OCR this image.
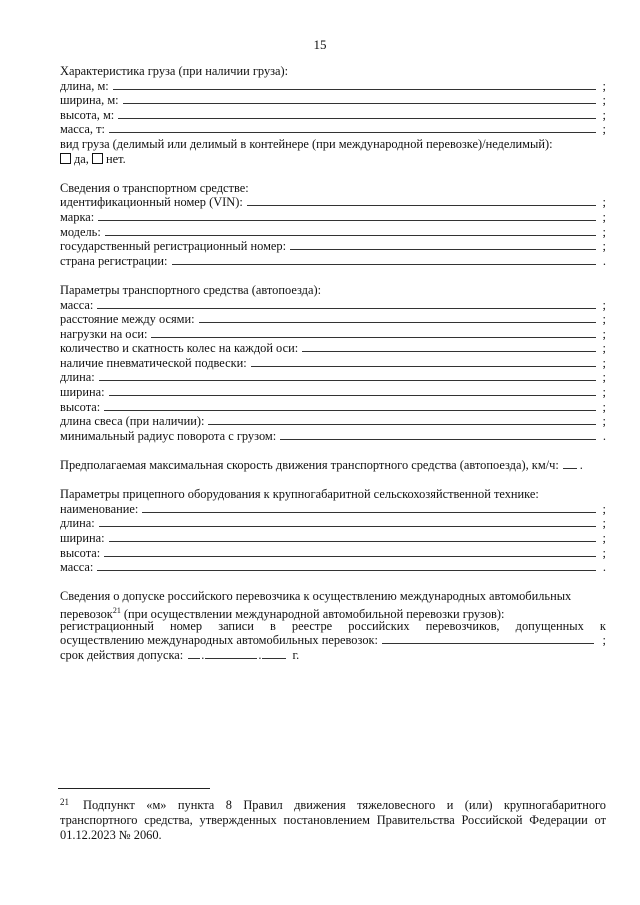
15
Характеристика груза (при наличии груза):
длина, м:	;
ширина, м:	;
высота, м:	;
масса, т:	;
вид груза (делимый или делимый в контейнере (при международной перевозке)/неделимый):
да, нет.
Сведения о транспортном средстве:
идентификационный номер (VIN):	;
марка:	;
модель:	;
государственный регистрационный номер:	;
страна регистрации:	.
Параметры транспортного средства (автопоезда):
масса:	;
расстояние между осями:	;
нагрузки на оси:	;
количество и скатность колес на каждой оси:	;
наличие пневматической подвески:	;
длина:	;
ширина:	;
высота:	;
длина свеса (при наличии):	;
минимальный радиус поворота с грузом:	.
Предполагаемая максимальная скорость движения транспортного средства (автопоезда), км/ч: .
Параметры прицепного оборудования к крупногабаритной сельскохозяйственной технике:
наименование:	;
длина:	;
ширина:	;
высота:	;
масса:	.
Сведения о допуске российского перевозчика к осуществлению международных автомобильных
перевозок$^{21}$ (при осуществлении международной автомобильной перевозки грузов):
регистрационный номер записи в реестре российских перевозчиков, допущенных к
осуществлению международных автомобильных перевозок:	;
срок действия допуска: .	.	г.
$^{21}$ Подпункт «м» пункта 8 Правил движения тяжеловесного и (или) крупногабаритного транспортного средства, утвержденных постановлением Правительства Российской Федерации от 01.12.2023 № 2060.
